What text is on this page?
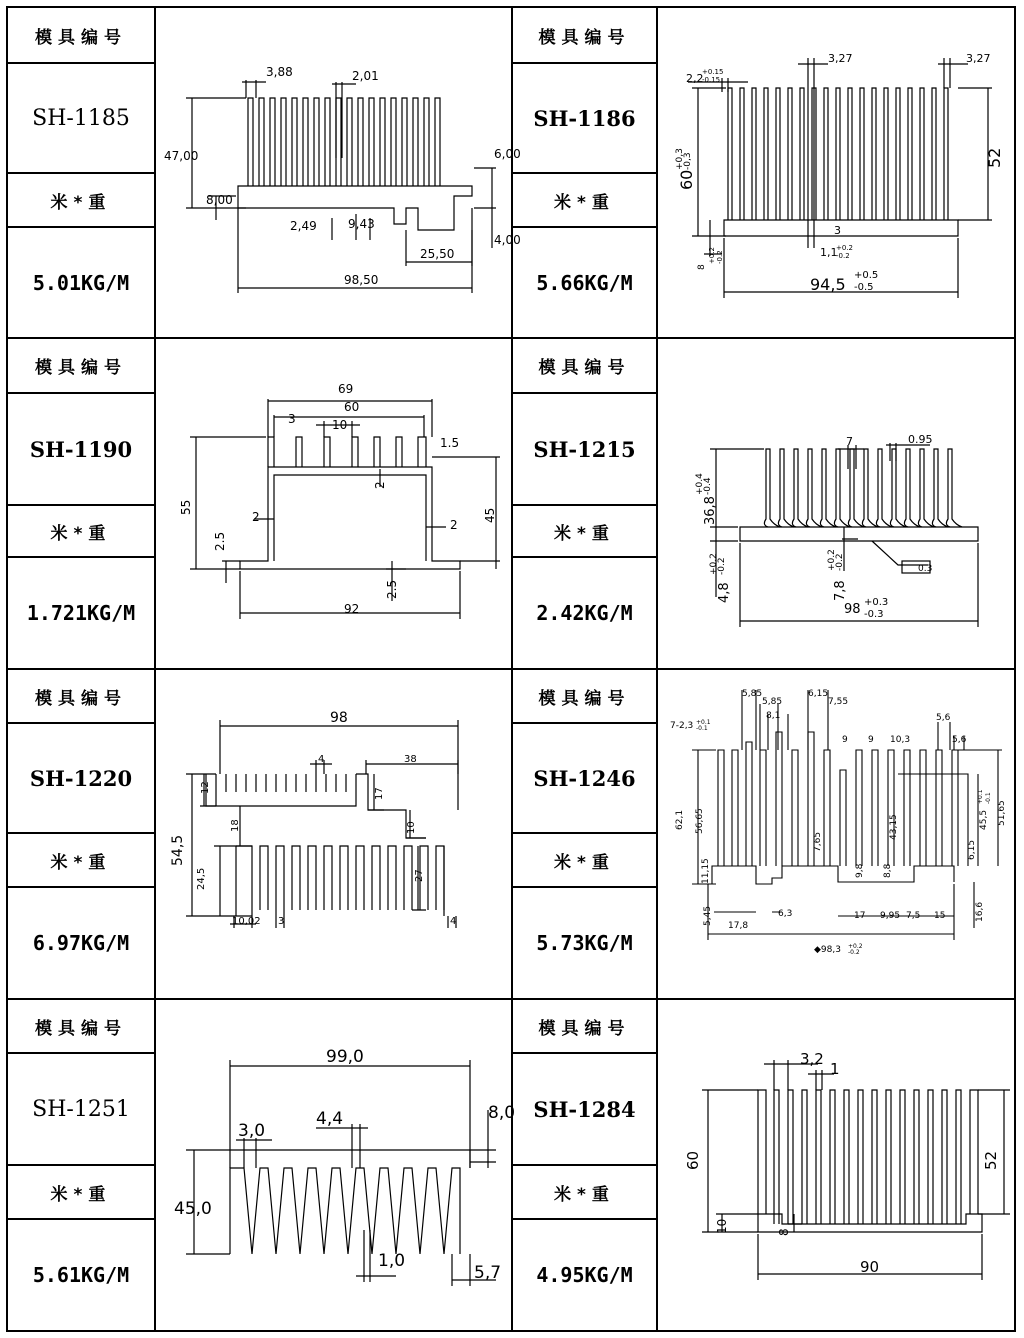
模具编号
SH-1185
米*重
5.01KG/M
3,88	2,01
47,00	6,00
8,00
2,49	9,43
25,50
4,00
98,50
模具编号
SH-1186
米*重
5.66KG/M
2,2
+0.15
-0.15
3,27	3,27
3
1,1
+0.2
-0.2
8
+0.2 -0.2
60
+0,3
-0,3	52
94,5 +0.5
-0.5
模具编号
SH-1190
米*重
1.721KG/M
69
60
3	10
1.5
55
2
2
2
45
2.5
2.5
92
模具编号
SH-1215
米*重
2.42KG/M
7	0.95
36,8
+0.4
-0.4
4,8
+0.2
-0.2
7,8
+0.2
-0.2	0.3
98 +0.3
-0.3
模具编号
SH-1220
米*重
6.97KG/M
98
4	38
12	17
54,5
18	10
24,5	27
10,02 3	4
模具编号
SH-1246
米*重
5.73KG/M
5,85	6,15
5,85	7,55
8,1	5,6
7-2,3 +0.1
-0.1
9 9 10,3	5,6
62,1 56,65	45,5
+0.1 -0.1
51,65
7,65
43,15
6,15
11,15	9,8 8,8
5,45 17,8
6,3	17 9,95 7,5 15	16,6
◆98,3 +0.2
-0.2
模具编号
SH-1251
米*重
5.61KG/M
99,0
8,0
3,0
4,4
45,0
1,0
5,7
模具编号
SH-1284
米*重
4.95KG/M
3,2
1
60	52
10	8
90
